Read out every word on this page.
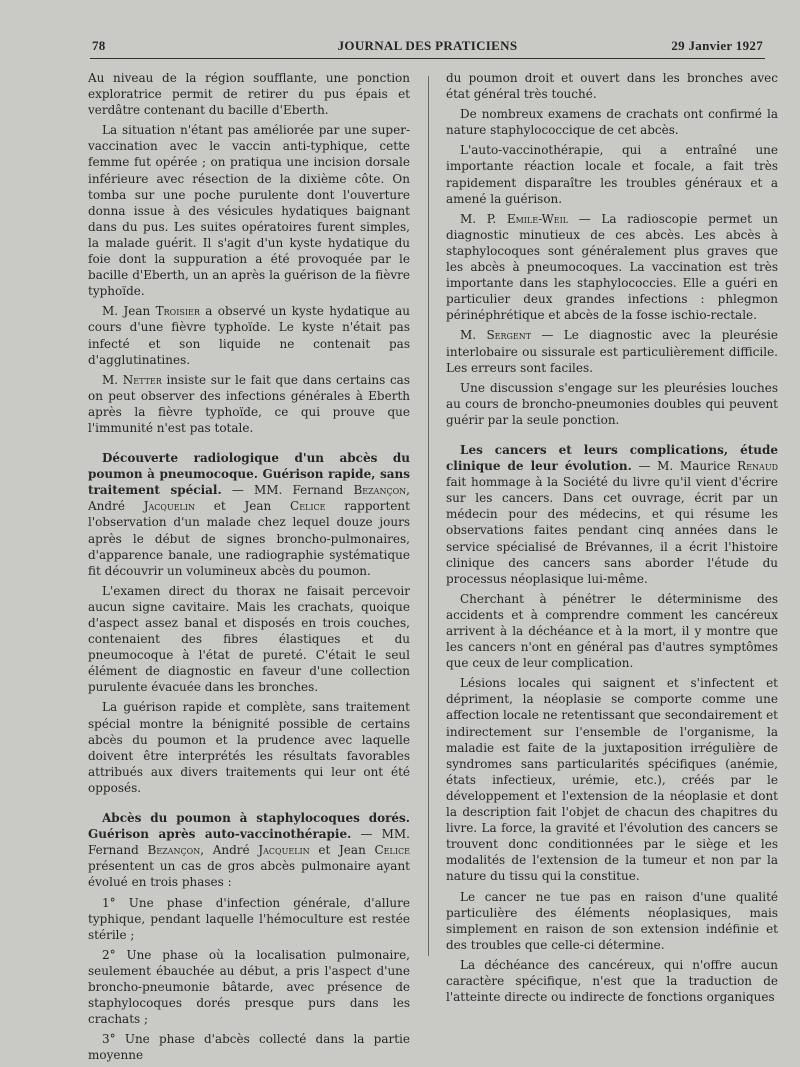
78	JOURNAL DES PRATICIENS	29 Janvier 1927

Au niveau de la région soufflante, une ponction exploratrice permit de retirer du pus épais et verdâtre contenant du bacille d'Eberth.

La situation n'étant pas améliorée par une super-vaccination avec le vaccin anti-typhique, cette femme fut opérée ; on pratiqua une incision dorsale inférieure avec résection de la dixième côte. On tomba sur une poche purulente dont l'ouverture donna issue à des vésicules hydatiques baignant dans du pus. Les suites opératoires furent simples, la malade guérit. Il s'agit d'un kyste hydatique du foie dont la suppuration a été provoquée par le bacille d'Eberth, un an après la guérison de la fièvre typhoïde.

M. Jean Troisier a observé un kyste hydatique au cours d'une fièvre typhoïde. Le kyste n'était pas infecté et son liquide ne contenait pas d'agglutinatines.

M. Netter insiste sur le fait que dans certains cas on peut observer des infections générales à Eberth après la fièvre typhoïde, ce qui prouve que l'immunité n'est pas totale.

Découverte radiologique d'un abcès du poumon à pneumocoque. Guérison rapide, sans traitement spécial. — MM. Fernand Bezançon, André Jacquelin et Jean Celice rapportent l'observation d'un malade chez lequel douze jours après le début de signes broncho-pulmonaires, d'apparence banale, une radiographie systématique fit découvrir un volumineux abcès du poumon.

L'examen direct du thorax ne faisait percevoir aucun signe cavitaire. Mais les crachats, quoique d'aspect assez banal et disposés en trois couches, contenaient des fibres élastiques et du pneumocoque à l'état de pureté. C'était le seul élément de diagnostic en faveur d'une collection purulente évacuée dans les bronches.

La guérison rapide et complète, sans traitement spécial montre la bénignité possible de certains abcès du poumon et la prudence avec laquelle doivent être interprétés les résultats favorables attribués aux divers traitements qui leur ont été opposés.

Abcès du poumon à staphylocoques dorés. Guérison après auto-vaccinothérapie. — MM. Fernand Bezançon, André Jacquelin et Jean Celice présentent un cas de gros abcès pulmonaire ayant évolué en trois phases :

1° Une phase d'infection générale, d'allure typhique, pendant laquelle l'hémoculture est restée stérile ;

2° Une phase où la localisation pulmonaire, seulement ébauchée au début, a pris l'aspect d'une broncho-pneumonie bâtarde, avec présence de staphylocoques dorés presque purs dans les crachats ;

3° Une phase d'abcès collecté dans la partie moyenne

du poumon droit et ouvert dans les bronches avec état général très touché.

De nombreux examens de crachats ont confirmé la nature staphylococcique de cet abcès.

L'auto-vaccinothérapie, qui a entraîné une importante réaction locale et focale, a fait très rapidement disparaître les troubles généraux et a amené la guérison.

M. P. Emile-Weil — La radioscopie permet un diagnostic minutieux de ces abcès. Les abcès à staphylocoques sont généralement plus graves que les abcès à pneumocoques. La vaccination est très importante dans les staphylococcies. Elle a guéri en particulier deux grandes infections : phlegmon périnéphrétique et abcès de la fosse ischio-rectale.

M. Sergent — Le diagnostic avec la pleurésie interlobaire ou sissurale est particulièrement difficile. Les erreurs sont faciles.

Une discussion s'engage sur les pleurésies louches au cours de broncho-pneumonies doubles qui peuvent guérir par la seule ponction.

Les cancers et leurs complications, étude clinique de leur évolution. — M. Maurice Renaud fait hommage à la Société du livre qu'il vient d'écrire sur les cancers. Dans cet ouvrage, écrit par un médecin pour des médecins, et qui résume les observations faites pendant cinq années dans le service spécialisé de Brévannes, il a écrit l'histoire clinique des cancers sans aborder l'étude du processus néoplasique lui-même.

Cherchant à pénétrer le déterminisme des accidents et à comprendre comment les cancéreux arrivent à la déchéance et à la mort, il y montre que les cancers n'ont en général pas d'autres symptômes que ceux de leur complication.

Lésions locales qui saignent et s'infectent et dépriment, la néoplasie se comporte comme une affection locale ne retentissant que secondairement et indirectement sur l'ensemble de l'organisme, la maladie est faite de la juxtaposition irrégulière de syndromes sans particularités spécifiques (anémie, états infectieux, urémie, etc.), créés par le développement et l'extension de la néoplasie et dont la description fait l'objet de chacun des chapitres du livre. La force, la gravité et l'évolution des cancers se trouvent donc conditionnées par le siège et les modalités de l'extension de la tumeur et non par la nature du tissu qui la constitue.

Le cancer ne tue pas en raison d'une qualité particulière des éléments néoplasiques, mais simplement en raison de son extension indéfinie et des troubles que celle-ci détermine.

La déchéance des cancéreux, qui n'offre aucun caractère spécifique, n'est que la traduction de l'atteinte directe ou indirecte de fonctions organiques
